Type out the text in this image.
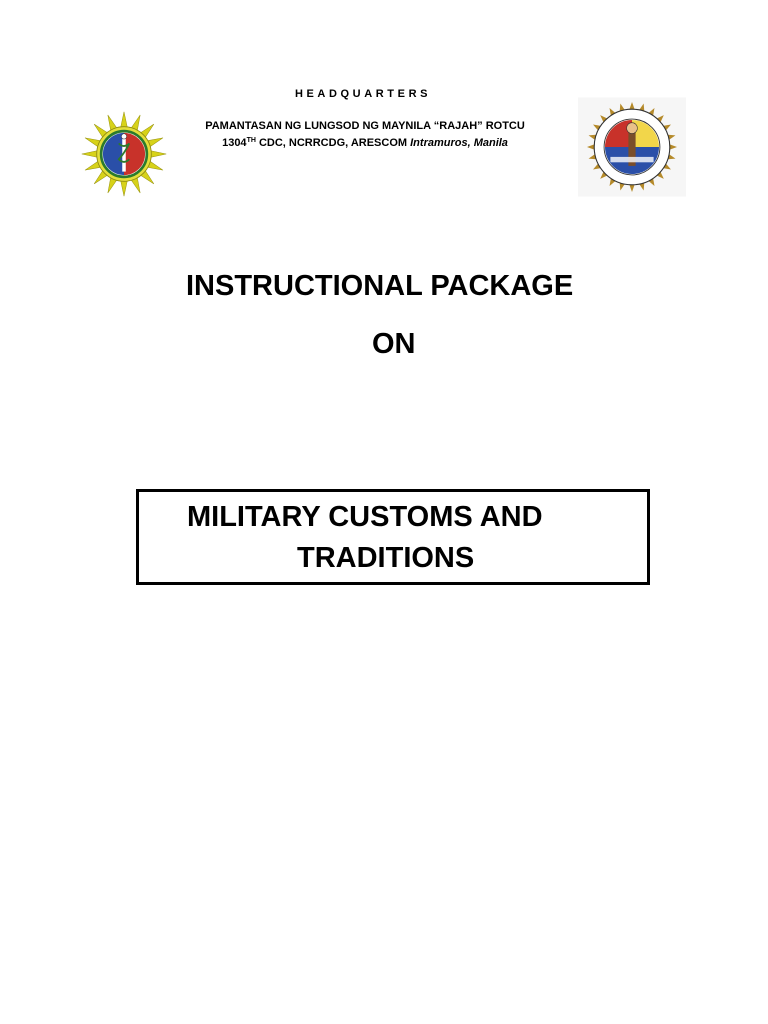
HEADQUARTERS
PAMANTASAN NG LUNGSOD NG MAYNILA “RAJAH” ROTCU
1304TH CDC, NCRRCDG, ARESCOM Intramuros, Manila
INSTRUCTIONAL PACKAGE
ON
MILITARY CUSTOMS AND
TRADITIONS
